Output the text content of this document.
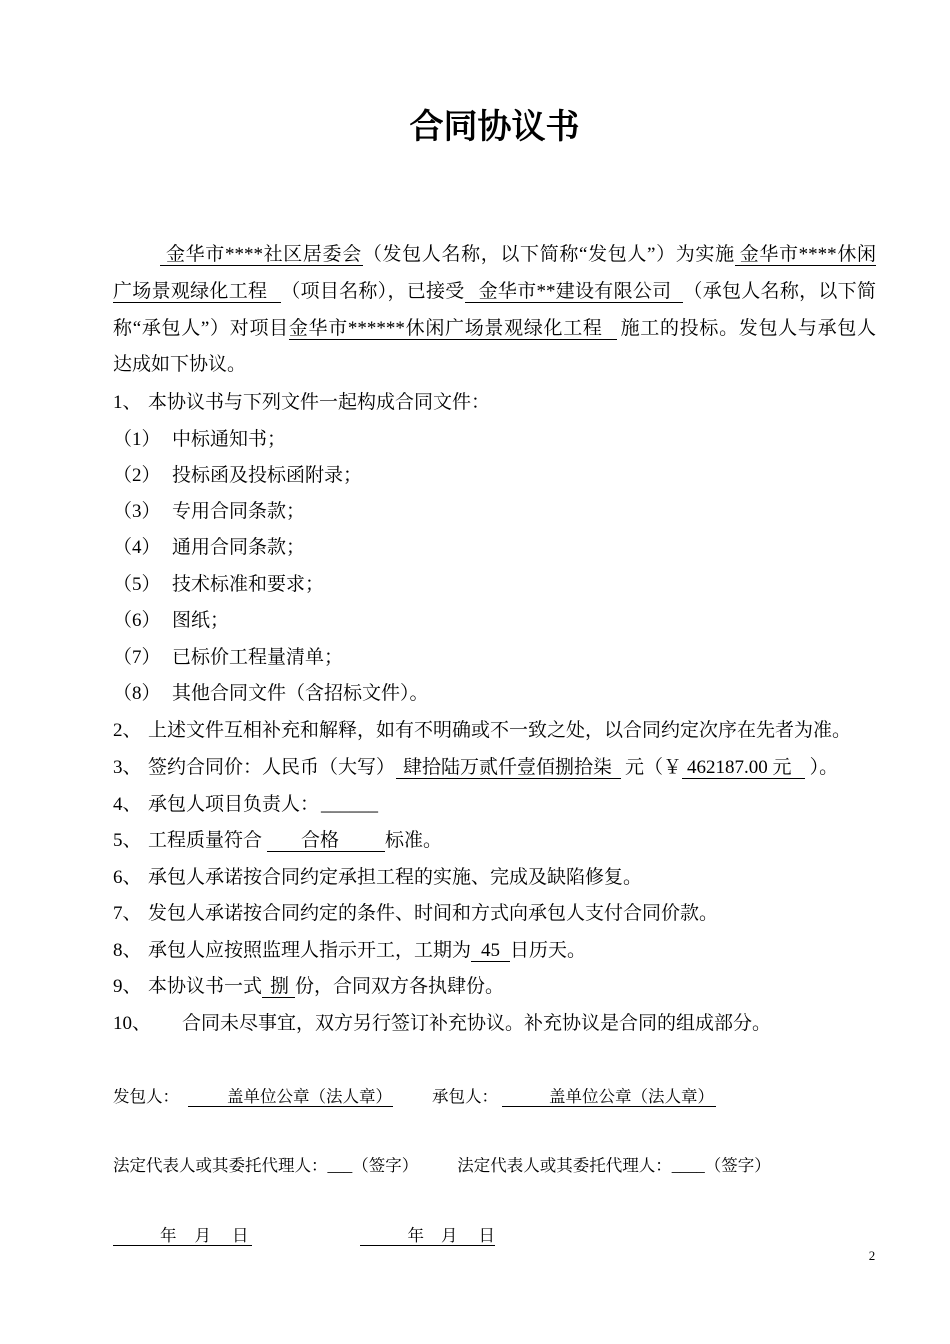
合同协议书
金华市****社区居委会（发包人名称，以下简称“发包人”）为实施 金华市****休闲
广场景观绿化工程 （项目名称），已接受 金华市**建设有限公司 （承包人名称，以下简
称“承包人”）对项目金华市******休闲广场景观绿化工程 施工的投标。发包人与承包人
达成如下协议。
1、 本协议书与下列文件一起构成合同文件：
（1） 中标通知书；
（2） 投标函及投标函附录；
（3） 专用合同条款；
（4） 通用合同条款；
（5） 技术标准和要求；
（6） 图纸；
（7） 已标价工程量清单；
（8） 其他合同文件（含招标文件）。
2、 上述文件互相补充和解释，如有不明确或不一致之处，以合同约定次序在先者为准。
3、 签约合同价：人民币（大写） 肆拾陆万贰仟壹佰捌拾柒 元（￥ 462187.00 元 ）。
4、 承包人项目负责人： ______
5、 工程质量符合 合格 标准。
6、 承包人承诺按合同约定承担工程的实施、完成及缺陷修复。
7、 发包人承诺按合同约定的条件、时间和方式向承包人支付合同价款。
8、 承包人应按照监理人指示开工，工期为 45 日历天。
9、 本协议书一式 捌 份，合同双方各执肆份。
10、 合同未尽事宜，双方另行签订补充协议。补充协议是合同的组成部分。
发包人：	盖单位公章（法人章） 承包人：	盖单位公章（法人章）
法定代表人或其委托代理人：___（签字） 法定代表人或其委托代理人：____（签字）
年 月 日	年 月 日
2
